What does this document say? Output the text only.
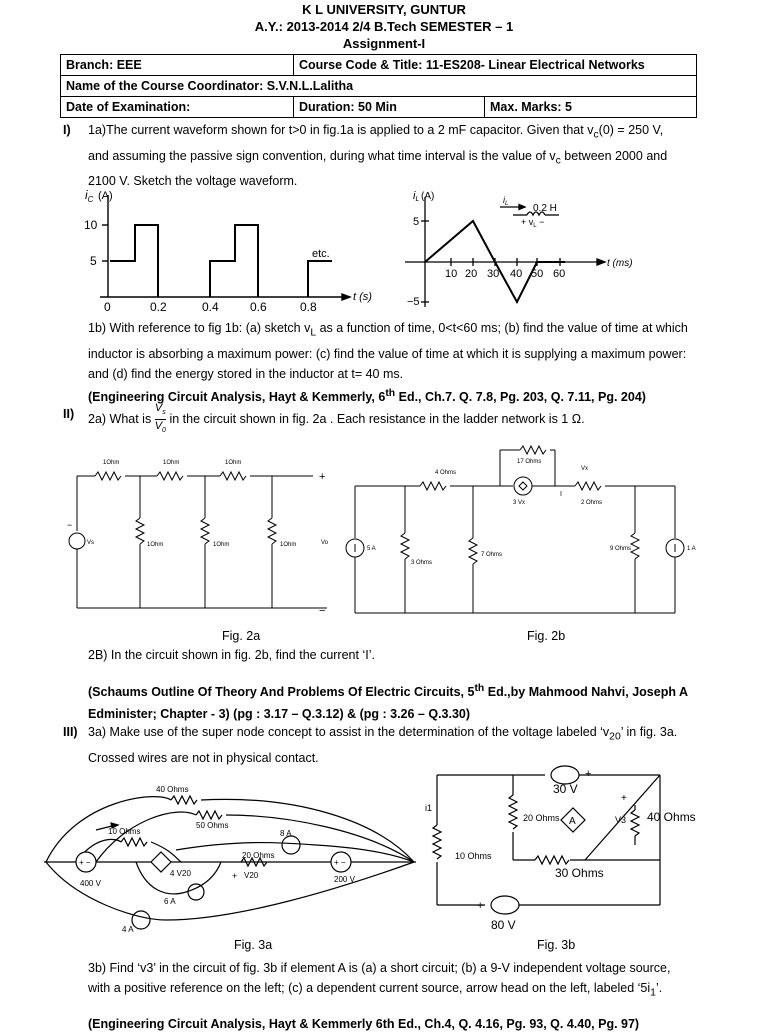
K L UNIVERSITY, GUNTUR
A.Y.: 2013-2014 2/4 B.Tech SEMESTER – 1
Assignment-I
Branch: EEE	Course Code & Title: 11-ES208- Linear Electrical Networks	
Name of the Course Coordinator: S.V.N.L.Lalitha		
Date of Examination:	Duration: 50 Min	Max. Marks: 5
I) 1a)The current waveform shown for t>0 in fig.1a is applied to a 2 mF capacitor. Given that $v_c(0) = 250$ V,
and assuming the passive sign convention, during what time interval is the value of $v_c$ between 2000 and
2100 V. Sketch the voltage waveform.
$i_C$ (A)
10
5
0	0.2	0.4	0.6	0.8
t (s)
etc.
iL (A)
5
−5
10 20 30 40 50 60
t (ms)
0.2 H
$i_L$
+ $v_L$ −
1b) With reference to fig 1b: (a) sketch $v_L$ as a function of time, 0<t<60 ms; (b) find the value of time at which
inductor is absorbing a maximum power: (c) find the value of time at which it is supplying a maximum power:
and (d) find the energy stored in the inductor at t= 40 ms.
(Engineering Circuit Analysis, Hayt & Kemmerly, 6th Ed., Ch.7. Q. 7.8, Pg. 203, Q. 7.11, Pg. 204)
II) 2a) What is $\frac{V_s}{V_0}$ in the circuit shown in fig. 2a . Each resistance in the ladder network is 1 Ω.
1Ohm	1Ohm	1Ohm
1Ohm	1Ohm	1Ohm
Vs	Vo
+
−
−
Fig. 2a
17 Ohms
4 Ohms
2 Ohms
3 Ohms
7 Ohms
9 Ohms
3 Vx
Vx
I
5 A	1 A
Fig. 2b
2B) In the circuit shown in fig. 2b, find the current ‘I’.
(Schaums Outline Of Theory And Problems Of Electric Circuits, 5th Ed.,by Mahmood Nahvi, Joseph A
Edminister; Chapter - 3) (pg : 3.17 – Q.3.12) & (pg : 3.26 – Q.3.30)
III) 3a) Make use of the super node concept to assist in the determination of the voltage labeled ‘$v_{20}$’ in fig. 3a.
Crossed wires are not in physical contact.
40 Ohms
50 Ohms
10 Ohms
20 Ohms
400 V	200 V
4 V20	V20
8 A
6 A
4 A
+ −	+ −
+
Fig. 3a
30 V
20 Ohms A	V3 40 Ohms
10 Ohms
30 Ohms
80 V
i1
+
+
+
Fig. 3b
3b) Find ‘v3’ in the circuit of fig. 3b if element A is (a) a short circuit; (b) a 9-V independent voltage source,
with a positive reference on the left; (c) a dependent current source, arrow head on the left, labeled ‘$5i_1$’.
(Engineering Circuit Analysis, Hayt & Kemmerly 6th Ed., Ch.4, Q. 4.16, Pg. 93, Q. 4.40, Pg. 97)
